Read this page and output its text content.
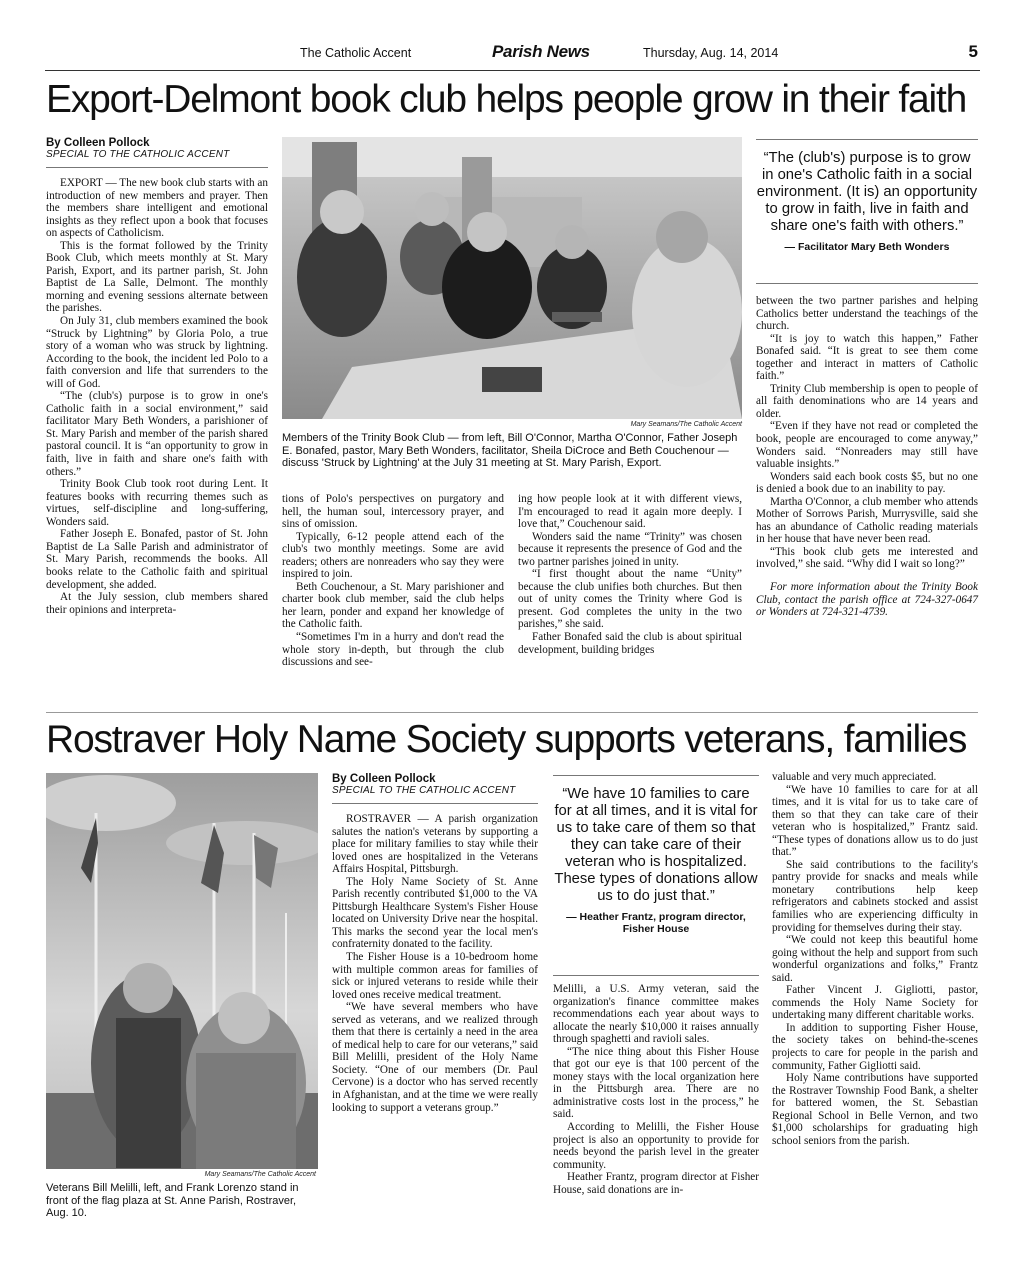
The Catholic Accent	Parish News	Thursday, Aug. 14, 2014	5
Export-Delmont book club helps people grow in their faith
By Colleen Pollock
SPECIAL TO THE CATHOLIC ACCENT

EXPORT — The new book club starts with an introduction of new members and prayer. Then the members share intelligent and emotional insights as they reflect upon a book that focuses on aspects of Catholicism.

This is the format followed by the Trinity Book Club, which meets monthly at St. Mary Parish, Export, and its partner parish, St. John Baptist de La Salle, Delmont. The monthly morning and evening sessions alternate between the parishes.

On July 31, club members examined the book “Struck by Lightning” by Gloria Polo, a true story of a woman who was struck by lightning. According to the book, the incident led Polo to a faith conversion and life that surrenders to the will of God.

“The (club's) purpose is to grow in one's Catholic faith in a social environment,” said facilitator Mary Beth Wonders, a parishioner of St. Mary Parish and member of the parish shared pastoral council. It is “an opportunity to grow in faith, live in faith and share one's faith with others.”

Trinity Book Club took root during Lent. It features books with recurring themes such as virtues, self-discipline and long-suffering, Wonders said.

Father Joseph E. Bonafed, pastor of St. John Baptist de La Salle Parish and administrator of St. Mary Parish, recommends the books. All books relate to the Catholic faith and spiritual development, she added.

At the July session, club members shared their opinions and interpreta-

Mary Seamans/The Catholic Accent
Members of the Trinity Book Club — from left, Bill O'Connor, Martha O'Connor, Father Joseph E. Bonafed, pastor, Mary Beth Wonders, facilitator, Sheila DiCroce and Beth Couchenour — discuss 'Struck by Lightning' at the July 31 meeting at St. Mary Parish, Export.

tions of Polo's perspectives on purgatory and hell, the human soul, intercessory prayer, and sins of omission.

Typically, 6-12 people attend each of the club's two monthly meetings. Some are avid readers; others are nonreaders who say they were inspired to join.

Beth Couchenour, a St. Mary parishioner and charter book club member, said the club helps her learn, ponder and expand her knowledge of the Catholic faith.

“Sometimes I'm in a hurry and don't read the whole story in-depth, but through the club discussions and see-

ing how people look at it with different views, I'm encouraged to read it again more deeply. I love that,” Couchenour said.

Wonders said the name “Trinity” was chosen because it represents the presence of God and the two partner parishes joined in unity.

“I first thought about the name “Unity” because the club unifies both churches. But then out of unity comes the Trinity where God is present. God completes the unity in the two parishes,” she said.

Father Bonafed said the club is about spiritual development, building bridges

“The (club's) purpose is to grow in one's Catholic faith in a social environment. (It is) an opportunity to grow in faith, live in faith and share one's faith with others.”
— Facilitator Mary Beth Wonders

between the two partner parishes and helping Catholics better understand the teachings of the church.

“It is joy to watch this happen,” Father Bonafed said. “It is great to see them come together and interact in matters of Catholic faith.”

Trinity Club membership is open to people of all faith denominations who are 14 years and older.

“Even if they have not read or completed the book, people are encouraged to come anyway,” Wonders said. “Nonreaders may still have valuable insights.”

Wonders said each book costs $5, but no one is denied a book due to an inability to pay.

Martha O'Connor, a club member who attends Mother of Sorrows Parish, Murrysville, said she has an abundance of Catholic reading materials in her house that have never been read.

“This book club gets me interested and involved,” she said. “Why did I wait so long?”

For more information about the Trinity Book Club, contact the parish office at 724-327-0647 or Wonders at 724-321-4739.

Rostraver Holy Name Society supports veterans, families
Mary Seamans/The Catholic Accent
Veterans Bill Melilli, left, and Frank Lorenzo stand in front of the flag plaza at St. Anne Parish, Rostraver, Aug. 10.
By Colleen Pollock
SPECIAL TO THE CATHOLIC ACCENT

ROSTRAVER — A parish organization salutes the nation's veterans by supporting a place for military families to stay while their loved ones are hospitalized in the Veterans Affairs Hospital, Pittsburgh.

The Holy Name Society of St. Anne Parish recently contributed $1,000 to the VA Pittsburgh Healthcare System's Fisher House located on University Drive near the hospital. This marks the second year the local men's confraternity donated to the facility.

The Fisher House is a 10-bedroom home with multiple common areas for families of sick or injured veterans to reside while their loved ones receive medical treatment.

“We have several members who have served as veterans, and we realized through them that there is certainly a need in the area of medical help to care for our veterans,” said Bill Melilli, president of the Holy Name Society. “One of our members (Dr. Paul Cervone) is a doctor who has served recently in Afghanistan, and at the time we were really looking to support a veterans group.”

“We have 10 families to care for at all times, and it is vital for us to take care of them so that they can take care of their veteran who is hospitalized. These types of donations allow us to do just that.”
— Heather Frantz, program director, Fisher House

Melilli, a U.S. Army veteran, said the organization's finance committee makes recommendations each year about ways to allocate the nearly $10,000 it raises annually through spaghetti and ravioli sales.

“The nice thing about this Fisher House that got our eye is that 100 percent of the money stays with the local organization here in the Pittsburgh area. There are no administrative costs lost in the process,” he said.

According to Melilli, the Fisher House project is also an opportunity to provide for needs beyond the parish level in the greater community.

Heather Frantz, program director at Fisher House, said donations are in-

valuable and very much appreciated.

“We have 10 families to care for at all times, and it is vital for us to take care of them so that they can take care of their veteran who is hospitalized,” Frantz said. “These types of donations allow us to do just that.”

She said contributions to the facility's pantry provide for snacks and meals while monetary contributions help keep refrigerators and cabinets stocked and assist families who are experiencing difficulty in providing for themselves during their stay.

“We could not keep this beautiful home going without the help and support from such wonderful organizations and folks,” Frantz said.

Father Vincent J. Gigliotti, pastor, commends the Holy Name Society for undertaking many different charitable works.

In addition to supporting Fisher House, the society takes on behind-the-scenes projects to care for people in the parish and community, Father Gigliotti said.

Holy Name contributions have supported the Rostraver Township Food Bank, a shelter for battered women, the St. Sebastian Regional School in Belle Vernon, and two $1,000 scholarships for graduating high school seniors from the parish.
